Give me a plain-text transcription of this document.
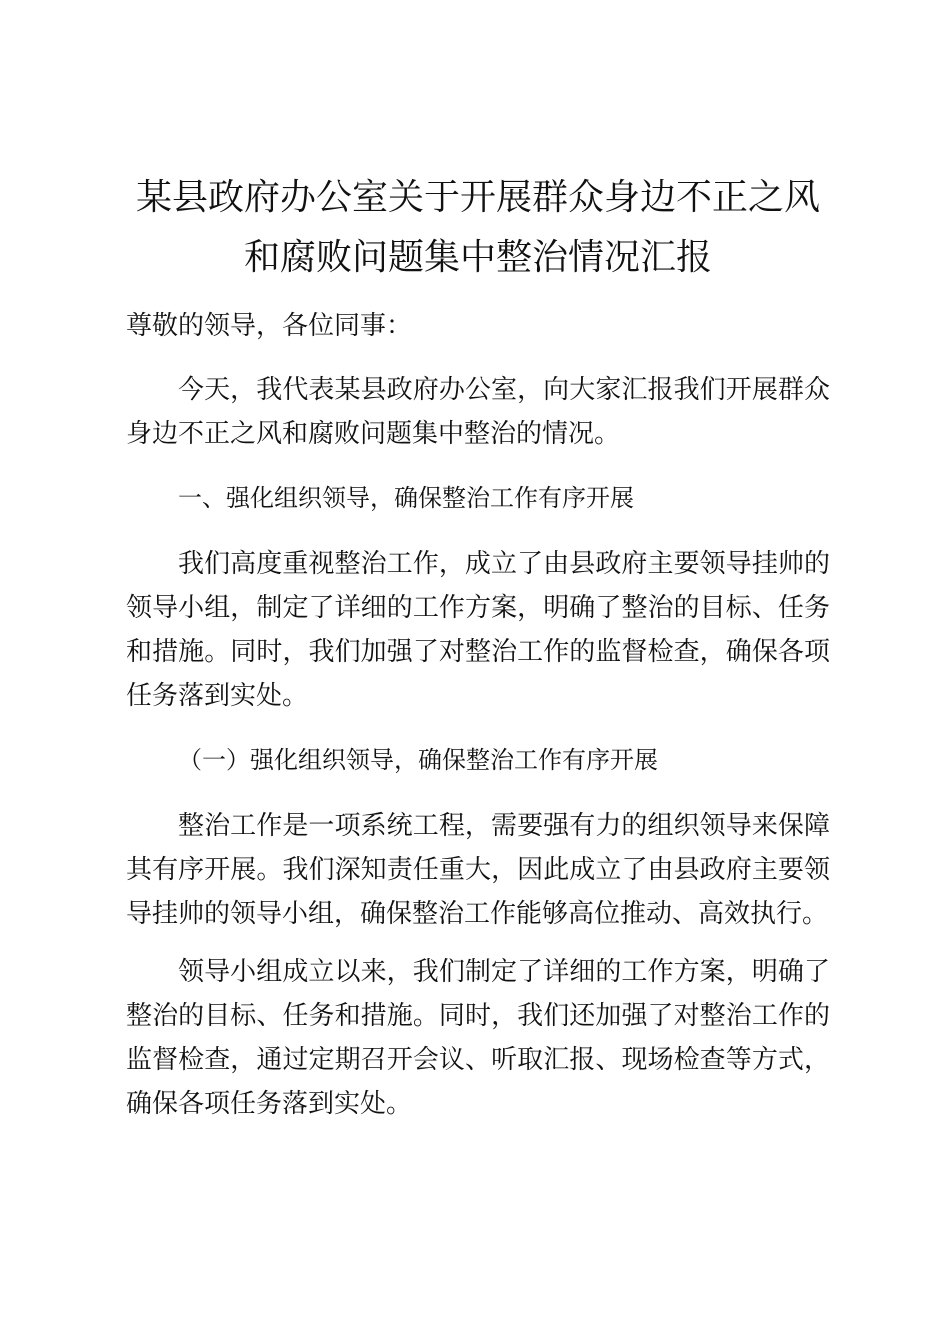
某县政府办公室关于开展群众身边不正之风和腐败问题集中整治情况汇报

尊敬的领导，各位同事：

今天，我代表某县政府办公室，向大家汇报我们开展群众身边不正之风和腐败问题集中整治的情况。

一、强化组织领导，确保整治工作有序开展

我们高度重视整治工作，成立了由县政府主要领导挂帅的领导小组，制定了详细的工作方案，明确了整治的目标、任务和措施。同时，我们加强了对整治工作的监督检查，确保各项任务落到实处。

（一）强化组织领导，确保整治工作有序开展

整治工作是一项系统工程，需要强有力的组织领导来保障其有序开展。我们深知责任重大，因此成立了由县政府主要领导挂帅的领导小组，确保整治工作能够高位推动、高效执行。

领导小组成立以来，我们制定了详细的工作方案，明确了整治的目标、任务和措施。同时，我们还加强了对整治工作的监督检查，通过定期召开会议、听取汇报、现场检查等方式，确保各项任务落到实处。
